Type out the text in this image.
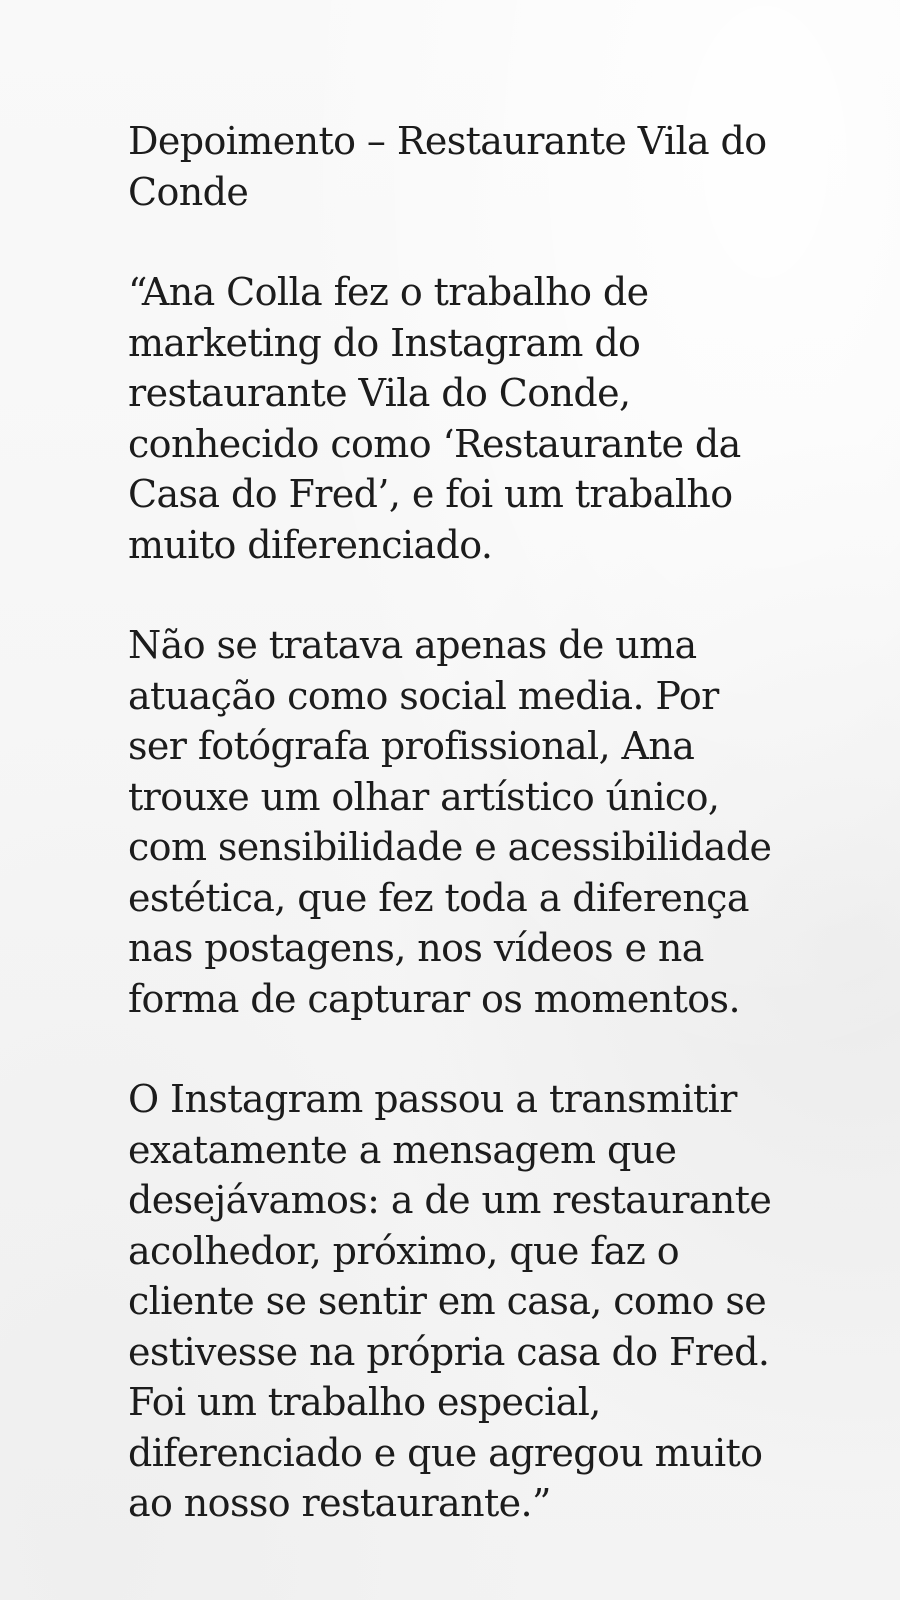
Depoimento – Restaurante Vila do Conde

“Ana Colla fez o trabalho de marketing do Instagram do restaurante Vila do Conde, conhecido como ‘Restaurante da Casa do Fred’, e foi um trabalho muito diferenciado.

Não se tratava apenas de uma atuação como social media. Por ser fotógrafa profissional, Ana trouxe um olhar artístico único, com sensibilidade e acessibilidade estética, que fez toda a diferença nas postagens, nos vídeos e na forma de capturar os momentos.

O Instagram passou a transmitir exatamente a mensagem que desejávamos: a de um restaurante acolhedor, próximo, que faz o cliente se sentir em casa, como se estivesse na própria casa do Fred. Foi um trabalho especial, diferenciado e que agregou muito ao nosso restaurante.”
